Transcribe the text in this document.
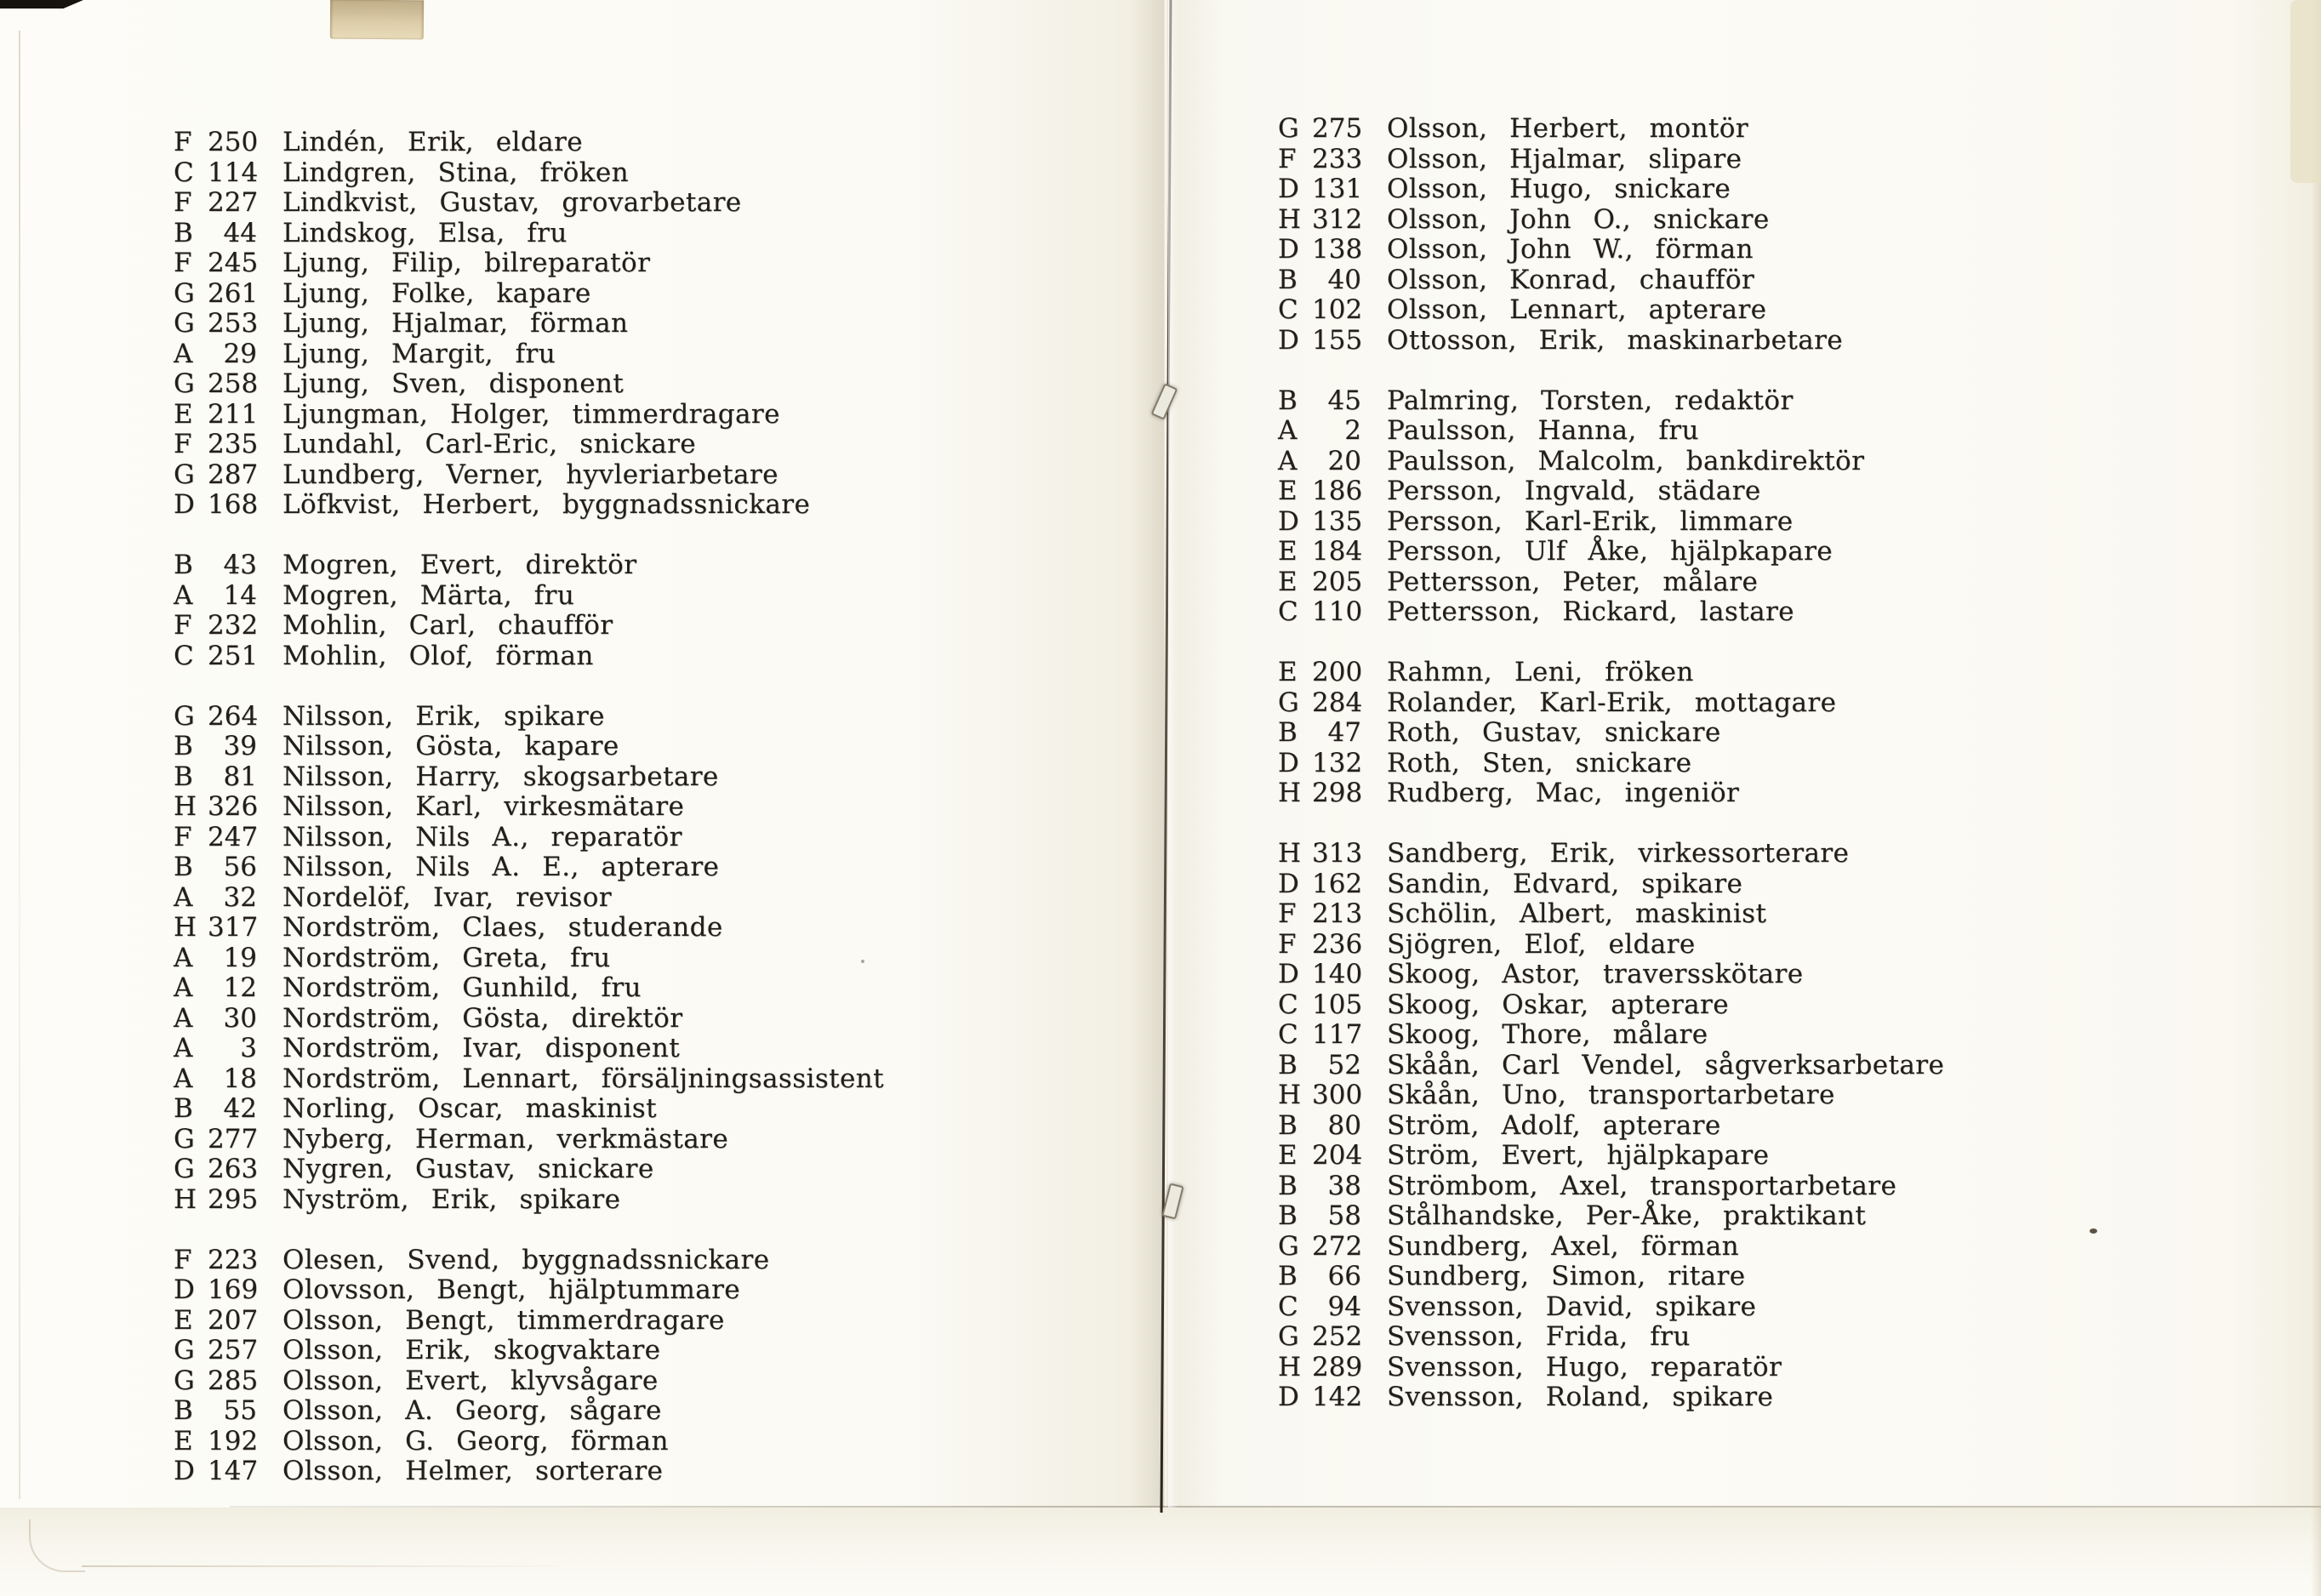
F 250 Lindén, Erik, eldare
C 114 Lindgren, Stina, fröken
F 227 Lindkvist, Gustav, grovarbetare
B	44 Lindskog, Elsa, fru
F 245 Ljung, Filip, bilreparatör
G 261 Ljung, Folke, kapare
G 253 Ljung, Hjalmar, förman
A	29 Ljung, Margit, fru
G 258 Ljung, Sven, disponent
E 211 Ljungman, Holger, timmerdragare
F 235 Lundahl, Carl-Eric, snickare
G 287 Lundberg, Verner, hyvleriarbetare
D 168 Löfkvist, Herbert, byggnadssnickare
B	43 Mogren, Evert, direktör
A	14 Mogren, Märta, fru
F 232 Mohlin, Carl, chaufför
C 251 Mohlin, Olof, förman
G 264 Nilsson, Erik, spikare
B	39 Nilsson, Gösta, kapare
B	81 Nilsson, Harry, skogsarbetare
H 326 Nilsson, Karl, virkesmätare
F 247 Nilsson, Nils A., reparatör
B	56 Nilsson, Nils A. E., apterare
A	32 Nordelöf, Ivar, revisor
H 317 Nordström, Claes, studerande
A	19 Nordström, Greta, fru
A	12 Nordström, Gunhild, fru
A	30 Nordström, Gösta, direktör
A	3 Nordström, Ivar, disponent
A	18 Nordström, Lennart, försäljningsassistent
B	42 Norling, Oscar, maskinist
G 277 Nyberg, Herman, verkmästare
G 263 Nygren, Gustav, snickare
H 295 Nyström, Erik, spikare
F 223 Olesen, Svend, byggnadssnickare
D 169 Olovsson, Bengt, hjälptummare
E 207 Olsson, Bengt, timmerdragare
G 257 Olsson, Erik, skogvaktare
G 285 Olsson, Evert, klyvsågare
B	55 Olsson, A. Georg, sågare
E 192 Olsson, G. Georg, förman
D 147 Olsson, Helmer, sorterare
G 275 Olsson, Herbert, montör
F 233 Olsson, Hjalmar, slipare
D 131 Olsson, Hugo, snickare
H 312 Olsson, John O., snickare
D 138 Olsson, John W., förman
B	40 Olsson, Konrad, chaufför
C 102 Olsson, Lennart, apterare
D 155 Ottosson, Erik, maskinarbetare
B	45 Palmring, Torsten, redaktör
A	2 Paulsson, Hanna, fru
A	20 Paulsson, Malcolm, bankdirektör
E 186 Persson, Ingvald, städare
D 135 Persson, Karl-Erik, limmare
E 184 Persson, Ulf Åke, hjälpkapare
E 205 Pettersson, Peter, målare
C 110 Pettersson, Rickard, lastare
E 200 Rahmn, Leni, fröken
G 284 Rolander, Karl-Erik, mottagare
B	47 Roth, Gustav, snickare
D 132 Roth, Sten, snickare
H 298 Rudberg, Mac, ingeniör
H 313 Sandberg, Erik, virkessorterare
D 162 Sandin, Edvard, spikare
F 213 Schölin, Albert, maskinist
F 236 Sjögren, Elof, eldare
D 140 Skoog, Astor, traversskötare
C 105 Skoog, Oskar, apterare
C 117 Skoog, Thore, målare
B	52 Skåån, Carl Vendel, sågverksarbetare
H 300 Skåån, Uno, transportarbetare
B	80 Ström, Adolf, apterare
E 204 Ström, Evert, hjälpkapare
B	38 Strömbom, Axel, transportarbetare
B	58 Stålhandske, Per-Åke, praktikant
G 272 Sundberg, Axel, förman
B	66 Sundberg, Simon, ritare
C	94 Svensson, David, spikare
G 252 Svensson, Frida, fru
H 289 Svensson, Hugo, reparatör
D 142 Svensson, Roland, spikare
